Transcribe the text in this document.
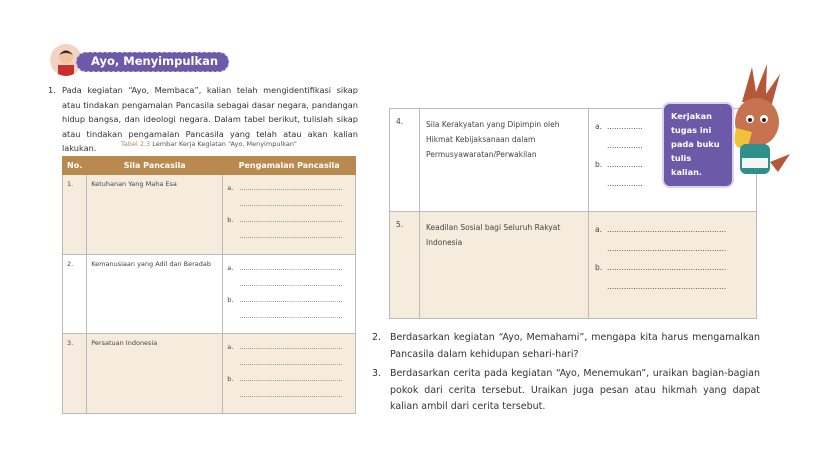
Ayo, Menyimpulkan
1. Pada kegiatan “Ayo, Membaca”, kalian telah mengidentifikasi sikap atau tindakan pengamalan Pancasila sebagai dasar negara, pandangan hidup bangsa, dan ideologi negara. Dalam tabel berikut, tulislah sikap atau tindakan pengamalan Pancasila yang telah atau akan kalian lakukan.	Tabel 2.3 Lembar Kerja Kegiatan “Ayo, Menyimpulkan”
No.	Sila Pancasila	Pengamalan Pancasila
1.	Ketuhanan Yang Maha Esa	a. ..................................................
..................................................
b. ..................................................
..................................................

2.	Kemanusiaan yang Adil dan Beradab	a. ..................................................
..................................................
b. ..................................................
..................................................

3.	Persatuan Indonesia	a. ..................................................
..................................................
b. ..................................................
..................................................
4.	Sila Kerakyatan yang Dipimpin oleh Hikmat Kebijaksanaan dalam Permusyawaratan/Perwakilan	a. ...............
...............
b. ...............
...............

5.	Keadilan Sosial bagi Seluruh Rakyat Indonesia	a. ..................................................
..................................................
b. ..................................................
..................................................
Kerjakan tugas ini pada buku tulis kalian.
2. Berdasarkan kegiatan “Ayo, Memahami”, mengapa kita harus mengamalkan Pancasila dalam kehidupan sehari-hari?

3. Berdasarkan cerita pada kegiatan “Ayo, Menemukan”, uraikan bagian-bagian pokok dari cerita tersebut. Uraikan juga pesan atau hikmah yang dapat kalian ambil dari cerita tersebut.
